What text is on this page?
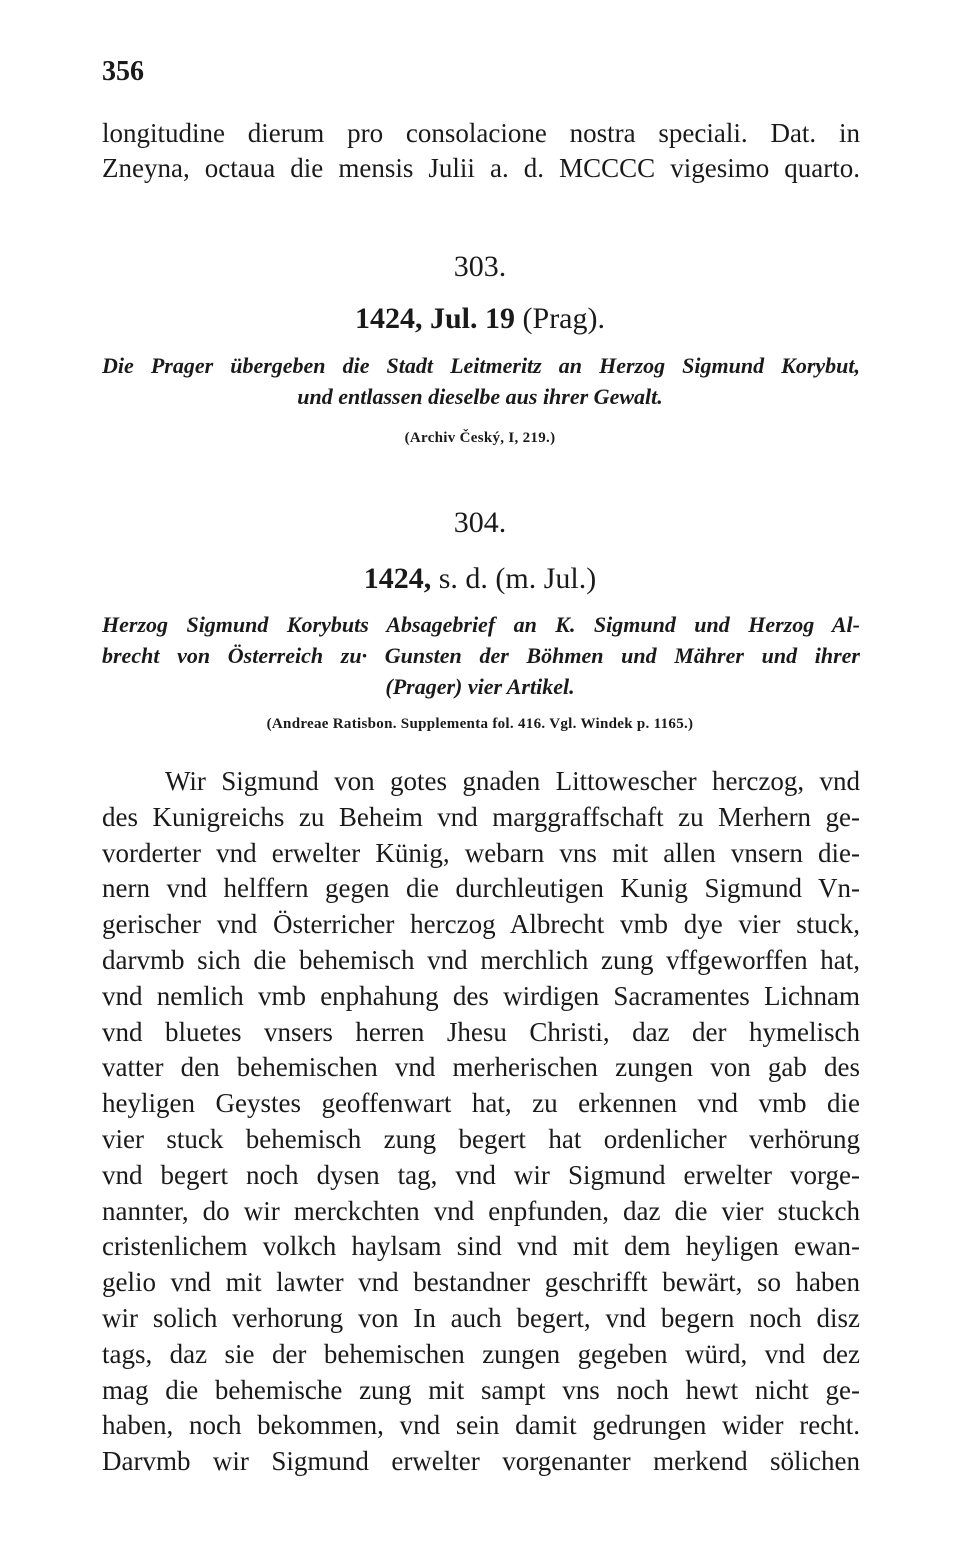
356
longitudine dierum pro consolacione nostra speciali. Dat. in
Zneyna, octaua die mensis Julii a. d. MCCCC vigesimo quarto.
303.
1424, Jul. 19 (Prag).
Die Prager übergeben die Stadt Leitmeritz an Herzog Sigmund Korybut,
und entlassen dieselbe aus ihrer Gewalt.
(Archiv Český, I, 219.)
304.
1424, s. d. (m. Jul.)
Herzog Sigmund Korybuts Absagebrief an K. Sigmund und Herzog Al-
brecht von Österreich zu· Gunsten der Böhmen und Mährer und ihrer
(Prager) vier Artikel.
(Andreae Ratisbon. Supplementa fol. 416. Vgl. Windek p. 1165.)
Wir Sigmund von gotes gnaden Littowescher herczog, vnd
des Kunigreichs zu Beheim vnd marggraffschaft zu Merhern ge-
vorderter vnd erwelter Künig, webarn vns mit allen vnsern die-
nern vnd helffern gegen die durchleutigen Kunig Sigmund Vn-
gerischer vnd Österricher herczog Albrecht vmb dye vier stuck,
darvmb sich die behemisch vnd merchlich zung vffgeworffen hat,
vnd nemlich vmb enphahung des wirdigen Sacramentes Lichnam
vnd bluetes vnsers herren Jhesu Christi, daz der hymelisch
vatter den behemischen vnd merherischen zungen von gab des
heyligen Geystes geoffenwart hat, zu erkennen vnd vmb die
vier stuck behemisch zung begert hat ordenlicher verhörung
vnd begert noch dysen tag, vnd wir Sigmund erwelter vorge-
nannter, do wir merckchten vnd enpfunden, daz die vier stuckch
cristenlichem volkch haylsam sind vnd mit dem heyligen ewan-
gelio vnd mit lawter vnd bestandner geschrifft bewärt, so haben
wir solich verhorung von In auch begert, vnd begern noch disz
tags, daz sie der behemischen zungen gegeben würd, vnd dez
mag die behemische zung mit sampt vns noch hewt nicht ge-
haben, noch bekommen, vnd sein damit gedrungen wider recht.
Darvmb wir Sigmund erwelter vorgenanter merkend sölichen
